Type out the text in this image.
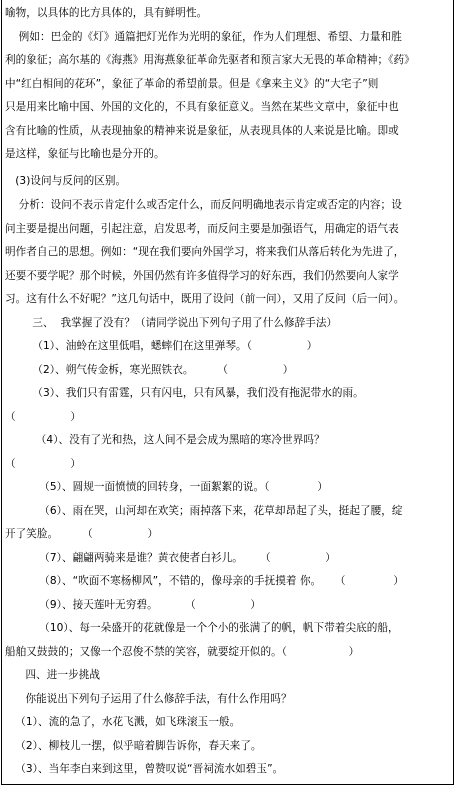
喻物，以具体的比方具体的，具有鲜明性。
例如：巴金的《灯》通篇把灯光作为光明的象征，作为人们理想、希望、力量和胜
利的象征；高尔基的《海燕》用海燕象征革命先驱者和预言家大无畏的革命精神；《药》
中“红白相间的花环”，象征了革命的希望前景。但是《拿来主义》的“大宅子”则
只是用来比喻中国、外国的文化的，不具有象征意义。当然在某些文章中，象征中也
含有比喻的性质，从表现抽象的精神来说是象征，从表现具体的人来说是比喻。即或
是这样，象征与比喻也是分开的。
(3)设问与反问的区别。
分析：设问不表示肯定什么或否定什么，而反问明确地表示肯定或否定的内容；设
问主要是提出问题，引起注意，启发思考，而反问主要是加强语气，用确定的语气表
明作者自己的思想。例如：“现在我们要向外国学习，将来我们从落后转化为先进了，
还要不要学呢？那个时候，外国仍然有许多值得学习的好东西，我们仍然要向人家学
习。这有什么不好呢？”这几句话中，既用了设问（前一问），又用了反问（后一问）。
三、  我掌握了没有？（请同学说出下列句子用了什么修辞手法）
（1）、油蛉在这里低唱，蟋蟀们在这里弹琴。（                ）
（2）、朔气传金柝，寒光照铁衣。       （                ）
（3）、我们只有雷霆，只有闪电，只有风暴，我们没有拖泥带水的雨。
（                ）
（4）、没有了光和热，这人间不是会成为黑暗的寒冷世界吗？
（                ）
（5）、圆规一面愤愤的回转身，一面絮絮的说。（              ）
（6）、雨在哭，山河却在欢笑；雨掉落下来，花草却昂起了头，挺起了腰，绽
开了笑脸。       （                ）
（7）、翩翩两骑来是谁？黄衣使者白衫儿。     （                ）
（8）、“吹面不寒杨柳风”，不错的，像母亲的手抚摸着 你。    （              ）
（9）、接天莲叶无穷碧。        （                ）
（10）、每一朵盛开的花就像是一个个小的张满了的帆，帆下带着尖底的船，
船舶又鼓鼓的；又像一个忍俊不禁的笑容，就要绽开似的。（                  ）
四、进一步挑战
你能说出下列句子运用了什么修辞手法，有什么作用吗？
（1）、流的急了，水花飞溅，如飞珠滚玉一般。
（2）、柳枝儿一摆，似乎暗着脚告诉你，春天来了。
（3）、当年李白来到这里，曾赞叹说“晋祠流水如碧玉”。
